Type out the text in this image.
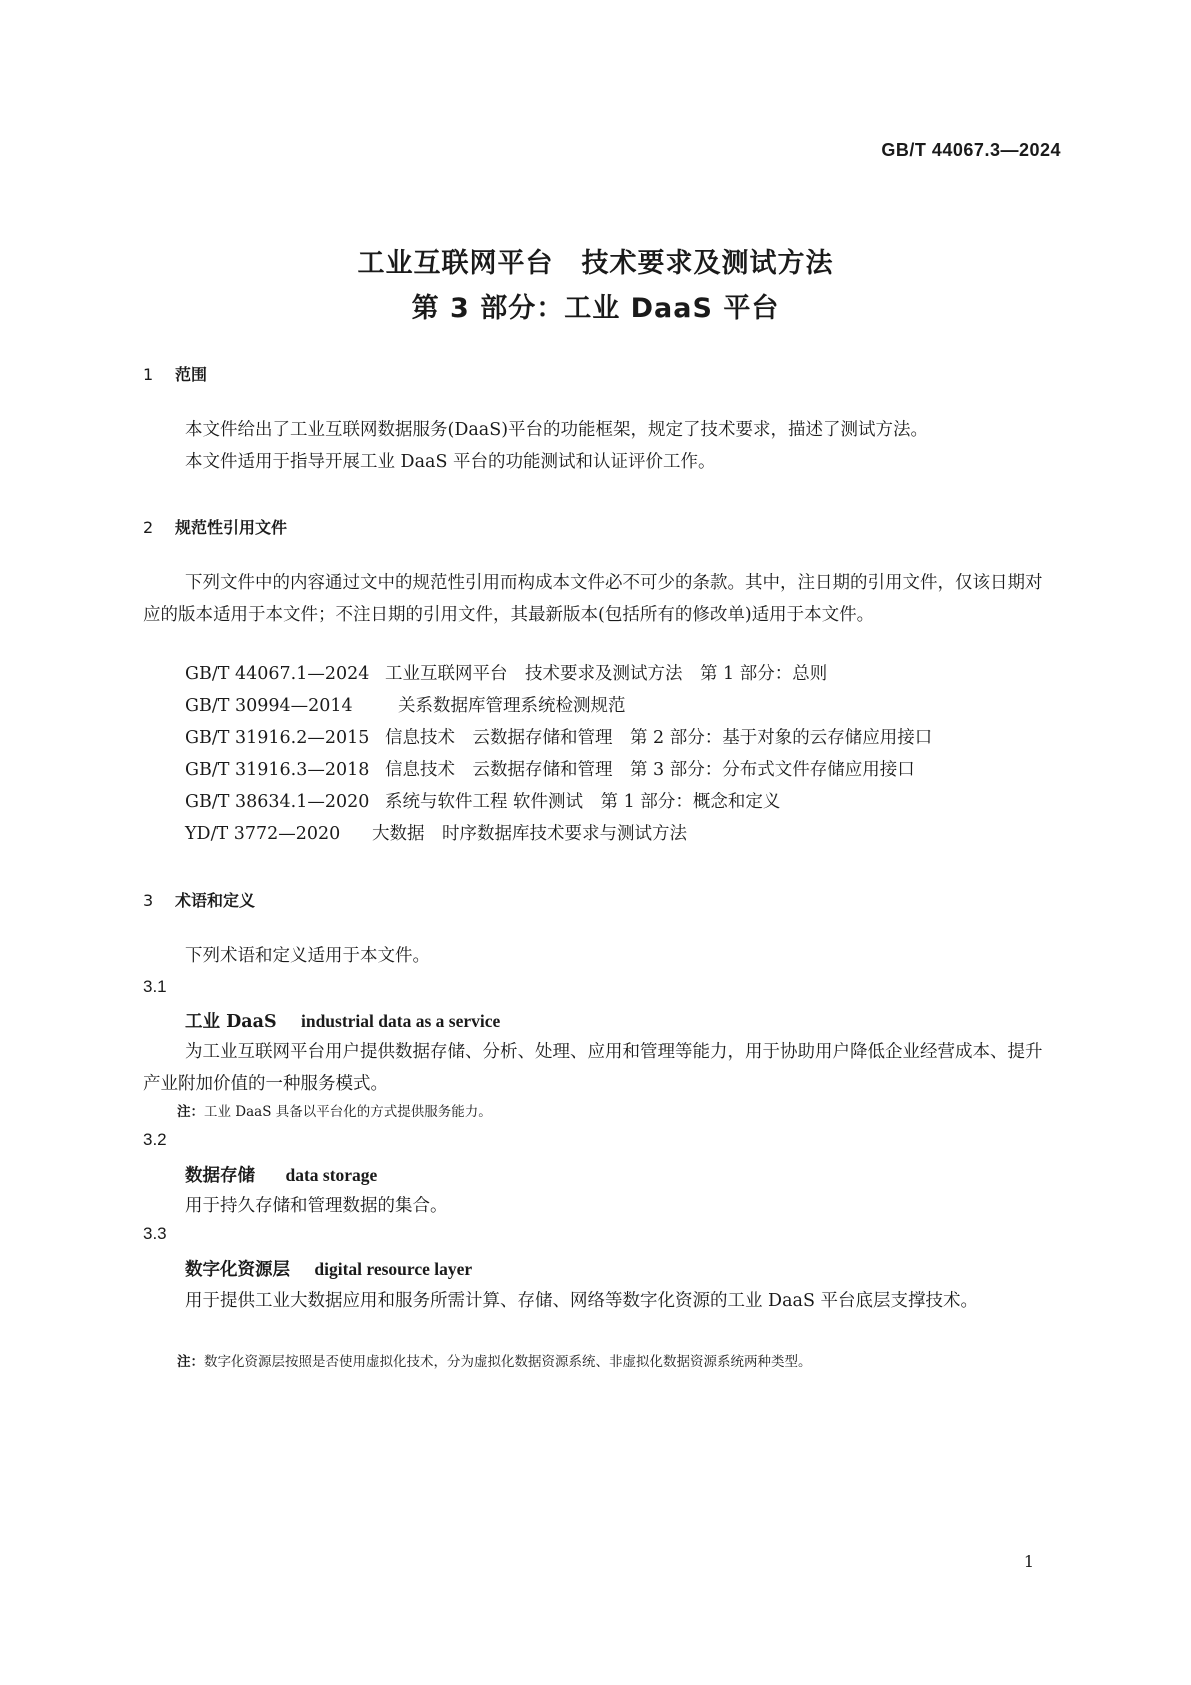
GB/T 44067.3—2024
工业互联网平台　技术要求及测试方法
第 3 部分：工业 DaaS 平台
1 范围
本文件给出了工业互联网数据服务(DaaS)平台的功能框架，规定了技术要求，描述了测试方法。
本文件适用于指导开展工业 DaaS 平台的功能测试和认证评价工作。
2 规范性引用文件
下列文件中的内容通过文中的规范性引用而构成本文件必不可少的条款。其中，注日期的引用文件，仅该日期对应的版本适用于本文件；不注日期的引用文件，其最新版本(包括所有的修改单)适用于本文件。
GB/T 44067.1—2024 工业互联网平台　技术要求及测试方法　第 1 部分：总则
GB/T 30994—2014	关系数据库管理系统检测规范
GB/T 31916.2—2015 信息技术　云数据存储和管理　第 2 部分：基于对象的云存储应用接口
GB/T 31916.3—2018 信息技术　云数据存储和管理　第 3 部分：分布式文件存储应用接口
GB/T 38634.1—2020 系统与软件工程 软件测试　第 1 部分：概念和定义
YD/T 3772—2020 大数据　时序数据库技术要求与测试方法
3 术语和定义
下列术语和定义适用于本文件。
3.1
工业 DaaS industrial data as a service
为工业互联网平台用户提供数据存储、分析、处理、应用和管理等能力，用于协助用户降低企业经营成本、提升产业附加价值的一种服务模式。
注：工业 DaaS 具备以平台化的方式提供服务能力。
3.2
数据存储 data storage
用于持久存储和管理数据的集合。
3.3
数字化资源层 digital resource layer
用于提供工业大数据应用和服务所需计算、存储、网络等数字化资源的工业 DaaS 平台底层支撑技术。
注：数字化资源层按照是否使用虚拟化技术，分为虚拟化数据资源系统、非虚拟化数据资源系统两种类型。
1
